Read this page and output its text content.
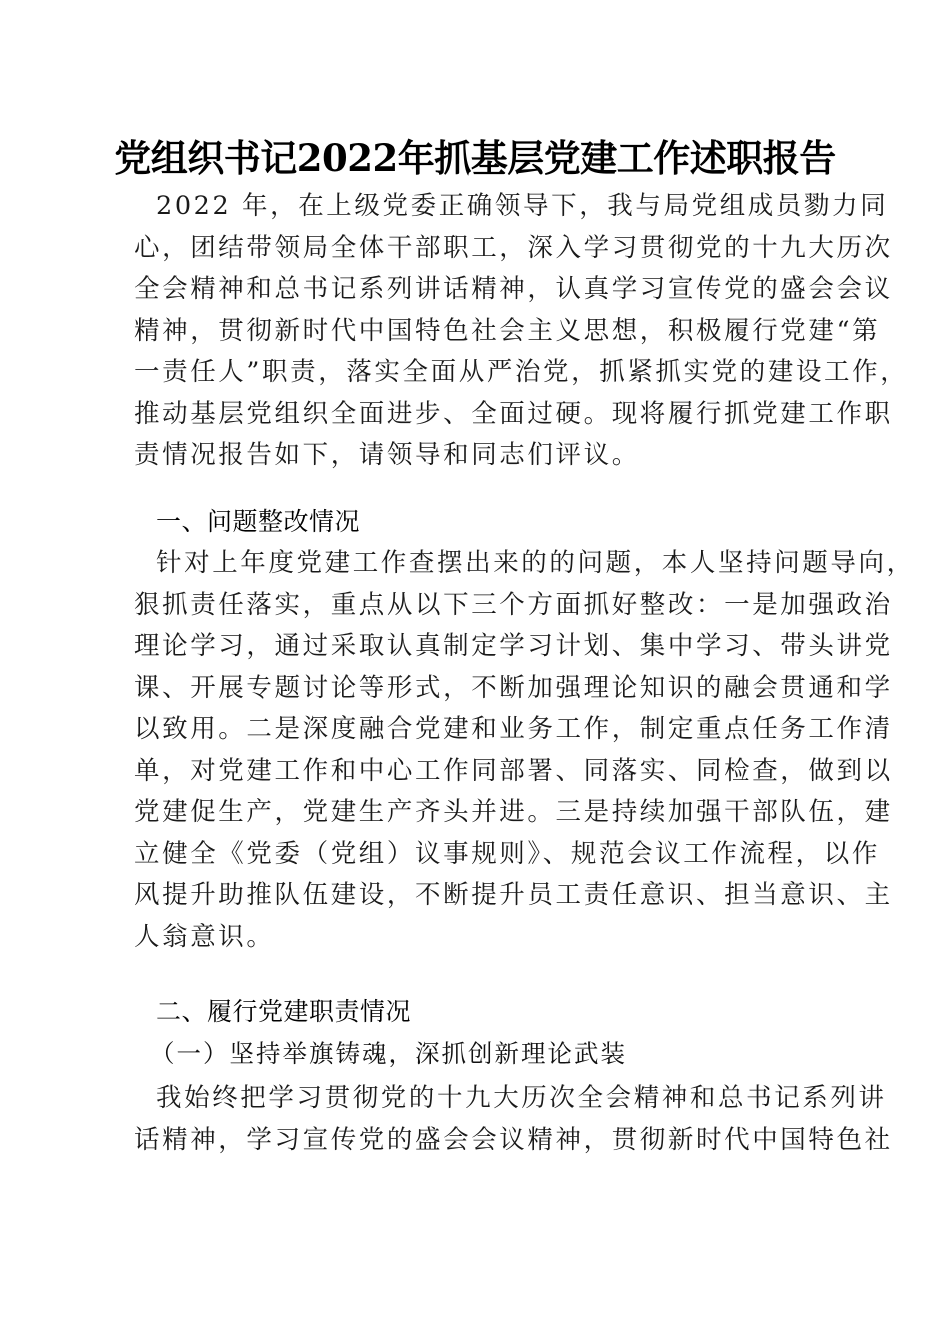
党组织书记2022年抓基层党建工作述职报告
2022 年，在上级党委正确领导下，我与局党组成员勠力同
心，团结带领局全体干部职工，深入学习贯彻党的十九大历次
全会精神和总书记系列讲话精神，认真学习宣传党的盛会会议
精神，贯彻新时代中国特色社会主义思想，积极履行党建“第
一责任人”职责，落实全面从严治党，抓紧抓实党的建设工作，
推动基层党组织全面进步、全面过硬。现将履行抓党建工作职
责情况报告如下，请领导和同志们评议。
一、问题整改情况
针对上年度党建工作查摆出来的的问题，本人坚持问题导向，
狠抓责任落实，重点从以下三个方面抓好整改：一是加强政治
理论学习，通过采取认真制定学习计划、集中学习、带头讲党
课、开展专题讨论等形式，不断加强理论知识的融会贯通和学
以致用。二是深度融合党建和业务工作，制定重点任务工作清
单，对党建工作和中心工作同部署、同落实、同检查，做到以
党建促生产，党建生产齐头并进。三是持续加强干部队伍，建
立健全《党委（党组）议事规则》、规范会议工作流程，以作
风提升助推队伍建设，不断提升员工责任意识、担当意识、主
人翁意识。
二、履行党建职责情况
（一）坚持举旗铸魂，深抓创新理论武装
我始终把学习贯彻党的十九大历次全会精神和总书记系列讲
话精神，学习宣传党的盛会会议精神，贯彻新时代中国特色社
